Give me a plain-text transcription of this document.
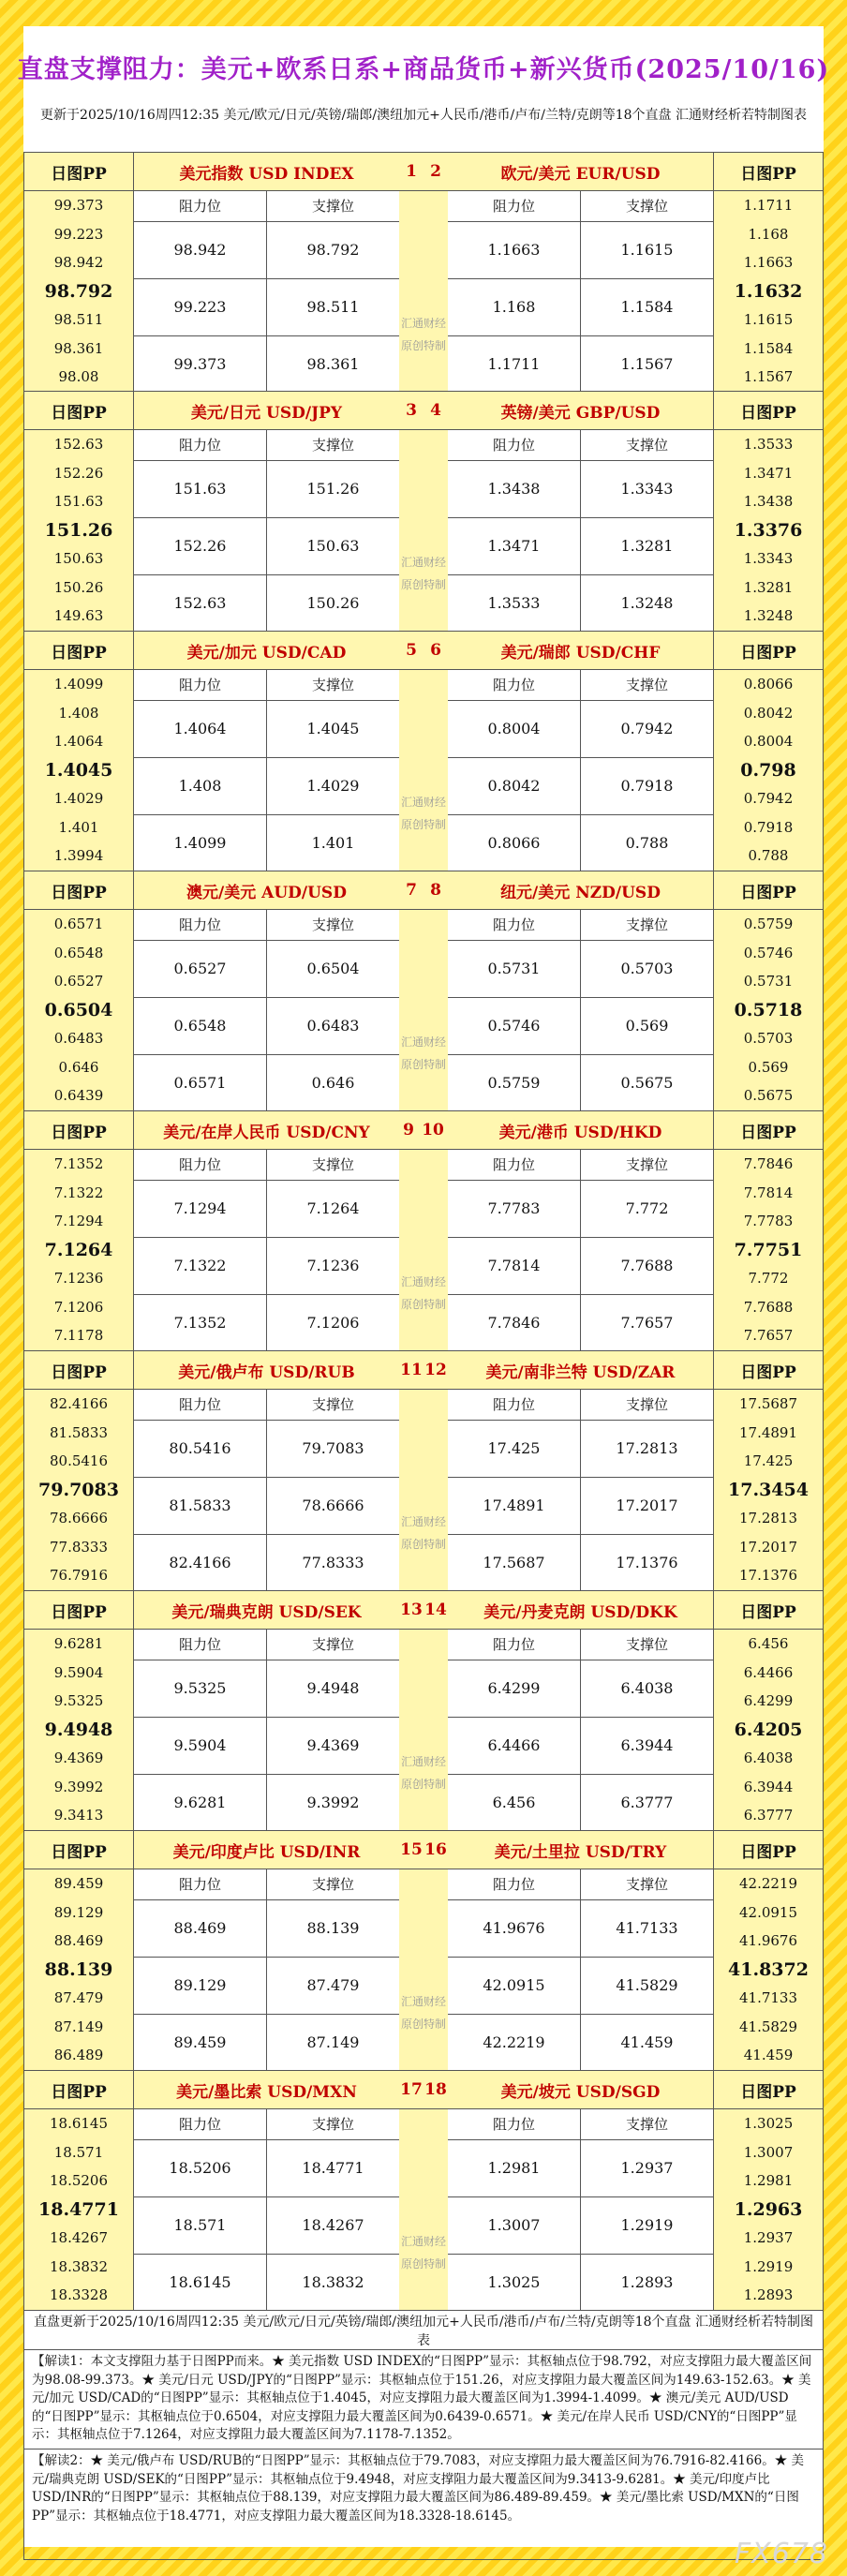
直盘支撑阻力：美元+欧系日系+商品货币+新兴货币(2025/10/16)
更新于2025/10/16周四12:35 美元/欧元/日元/英镑/瑞郎/澳纽加元+人民币/港币/卢布/兰特/克朗等18个直盘 汇通财经析若特制图表
日图PP
99.373
99.223
98.942
98.792
98.511
98.361
98.08
美元指数 USD INDEX
阻力位	支撑位
98.942	98.792
99.223	98.511
99.373	98.361
1 2
汇通财经
原创特制
欧元/美元 EUR/USD
阻力位	支撑位
1.1663	1.1615
1.168	1.1584
1.1711	1.1567
日图PP
1.1711
1.168
1.1663
1.1632
1.1615
1.1584
1.1567
日图PP
152.63
152.26
151.63
151.26
150.63
150.26
149.63
美元/日元 USD/JPY
阻力位	支撑位
151.63	151.26
152.26	150.63
152.63	150.26
3 4
汇通财经
原创特制
英镑/美元 GBP/USD
阻力位	支撑位
1.3438	1.3343
1.3471	1.3281
1.3533	1.3248
日图PP
1.3533
1.3471
1.3438
1.3376
1.3343
1.3281
1.3248
日图PP
1.4099
1.408
1.4064
1.4045
1.4029
1.401
1.3994
美元/加元 USD/CAD
阻力位	支撑位
1.4064	1.4045
1.408	1.4029
1.4099	1.401
5 6
汇通财经
原创特制
美元/瑞郎 USD/CHF
阻力位	支撑位
0.8004	0.7942
0.8042	0.7918
0.8066	0.788
日图PP
0.8066
0.8042
0.8004
0.798
0.7942
0.7918
0.788
日图PP
0.6571
0.6548
0.6527
0.6504
0.6483
0.646
0.6439
澳元/美元 AUD/USD
阻力位	支撑位
0.6527	0.6504
0.6548	0.6483
0.6571	0.646
7 8
汇通财经
原创特制
纽元/美元 NZD/USD
阻力位	支撑位
0.5731	0.5703
0.5746	0.569
0.5759	0.5675
日图PP
0.5759
0.5746
0.5731
0.5718
0.5703
0.569
0.5675
日图PP
7.1352
7.1322
7.1294
7.1264
7.1236
7.1206
7.1178
美元/在岸人民币 USD/CNY
阻力位	支撑位
7.1294	7.1264
7.1322	7.1236
7.1352	7.1206
9 10
汇通财经
原创特制
美元/港币 USD/HKD
阻力位	支撑位
7.7783	7.772
7.7814	7.7688
7.7846	7.7657
日图PP
7.7846
7.7814
7.7783
7.7751
7.772
7.7688
7.7657
日图PP
82.4166
81.5833
80.5416
79.7083
78.6666
77.8333
76.7916
美元/俄卢布 USD/RUB
阻力位	支撑位
80.5416	79.7083
81.5833	78.6666
82.4166	77.8333
11 12
汇通财经
原创特制
美元/南非兰特 USD/ZAR
阻力位	支撑位
17.425	17.2813
17.4891	17.2017
17.5687	17.1376
日图PP
17.5687
17.4891
17.425
17.3454
17.2813
17.2017
17.1376
日图PP
9.6281
9.5904
9.5325
9.4948
9.4369
9.3992
9.3413
美元/瑞典克朗 USD/SEK
阻力位	支撑位
9.5325	9.4948
9.5904	9.4369
9.6281	9.3992
13 14
汇通财经
原创特制
美元/丹麦克朗 USD/DKK
阻力位	支撑位
6.4299	6.4038
6.4466	6.3944
6.456	6.3777
日图PP
6.456
6.4466
6.4299
6.4205
6.4038
6.3944
6.3777
日图PP
89.459
89.129
88.469
88.139
87.479
87.149
86.489
美元/印度卢比 USD/INR
阻力位	支撑位
88.469	88.139
89.129	87.479
89.459	87.149
15 16
汇通财经
原创特制
美元/土里拉 USD/TRY
阻力位	支撑位
41.9676	41.7133
42.0915	41.5829
42.2219	41.459
日图PP
42.2219
42.0915
41.9676
41.8372
41.7133
41.5829
41.459
日图PP
18.6145
18.571
18.5206
18.4771
18.4267
18.3832
18.3328
美元/墨比索 USD/MXN
阻力位	支撑位
18.5206	18.4771
18.571	18.4267
18.6145	18.3832
17 18
汇通财经
原创特制
美元/坡元 USD/SGD
阻力位	支撑位
1.2981	1.2937
1.3007	1.2919
1.3025	1.2893
日图PP
1.3025
1.3007
1.2981
1.2963
1.2937
1.2919
1.2893
直盘更新于2025/10/16周四12:35 美元/欧元/日元/英镑/瑞郎/澳纽加元+人民币/港币/卢布/兰特/克朗等18个直盘 汇通财经析若特制图表
【解读1：本文支撑阻力基于日图PP而来。★ 美元指数 USD INDEX的“日图PP”显示：其枢轴点位于98.792，对应支撑阻力最大覆盖区间为98.08-99.373。★ 美元/日元 USD/JPY的“日图PP”显示：其枢轴点位于151.26，对应支撑阻力最大覆盖区间为149.63-152.63。★ 美元/加元 USD/CAD的“日图PP”显示：其枢轴点位于1.4045，对应支撑阻力最大覆盖区间为1.3994-1.4099。★ 澳元/美元 AUD/USD的“日图PP”显示：其枢轴点位于0.6504，对应支撑阻力最大覆盖区间为0.6439-0.6571。★ 美元/在岸人民币 USD/CNY的“日图PP”显示：其枢轴点位于7.1264，对应支撑阻力最大覆盖区间为7.1178-7.1352。
【解读2：★ 美元/俄卢布 USD/RUB的“日图PP”显示：其枢轴点位于79.7083，对应支撑阻力最大覆盖区间为76.7916-82.4166。★ 美元/瑞典克朗 USD/SEK的“日图PP”显示：其枢轴点位于9.4948，对应支撑阻力最大覆盖区间为9.3413-9.6281。★ 美元/印度卢比 USD/INR的“日图PP”显示：其枢轴点位于88.139，对应支撑阻力最大覆盖区间为86.489-89.459。★ 美元/墨比索 USD/MXN的“日图PP”显示：其枢轴点位于18.4771，对应支撑阻力最大覆盖区间为18.3328-18.6145。
FX678
